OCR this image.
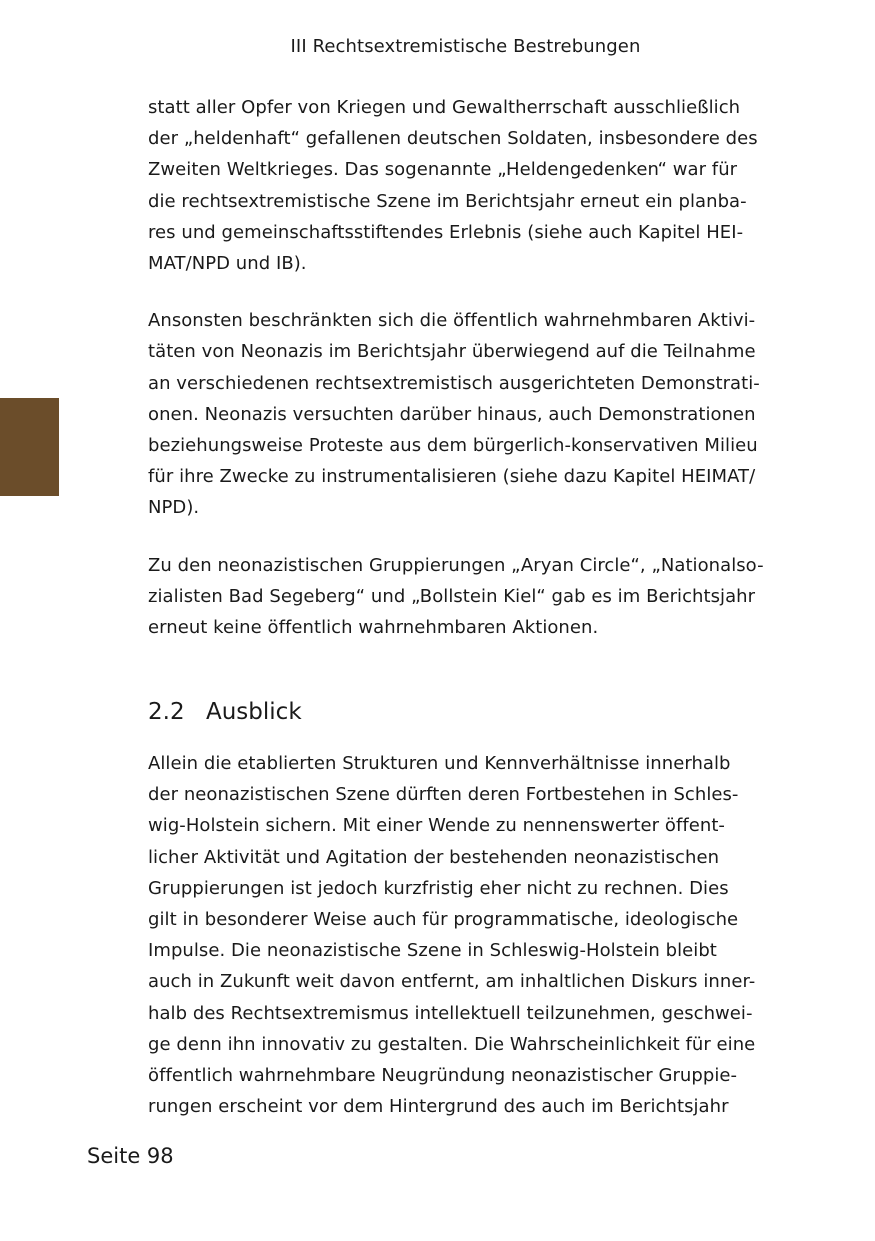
III Rechtsextremistische Bestrebungen

statt aller Opfer von Kriegen und Gewaltherrschaft ausschließlich
der „heldenhaft“ gefallenen deutschen Soldaten, insbesondere des
Zweiten Weltkrieges. Das sogenannte „Heldengedenken“ war für
die rechtsextremistische Szene im Berichtsjahr erneut ein planba-
res und gemeinschaftsstiftendes Erlebnis (siehe auch Kapitel HEI-
MAT/NPD und IB).

Ansonsten beschränkten sich die öffentlich wahrnehmbaren Aktivi-
täten von Neonazis im Berichtsjahr überwiegend auf die Teilnahme
an verschiedenen rechtsextremistisch ausgerichteten Demonstrati-
onen. Neonazis versuchten darüber hinaus, auch Demonstrationen
beziehungsweise Proteste aus dem bürgerlich-konservativen Milieu
für ihre Zwecke zu instrumentalisieren (siehe dazu Kapitel HEIMAT/
NPD).

Zu den neonazistischen Gruppierungen „Aryan Circle“, „Nationalso-
zialisten Bad Segeberg“ und „Bollstein Kiel“ gab es im Berichtsjahr
erneut keine öffentlich wahrnehmbaren Aktionen.

2.2 Ausblick

Allein die etablierten Strukturen und Kennverhältnisse innerhalb
der neonazistischen Szene dürften deren Fortbestehen in Schles-
wig-Holstein sichern. Mit einer Wende zu nennenswerter öffent-
licher Aktivität und Agitation der bestehenden neonazistischen
Gruppierungen ist jedoch kurzfristig eher nicht zu rechnen. Dies
gilt in besonderer Weise auch für programmatische, ideologische
Impulse. Die neonazistische Szene in Schleswig-Holstein bleibt
auch in Zukunft weit davon entfernt, am inhaltlichen Diskurs inner-
halb des Rechtsextremismus intellektuell teilzunehmen, geschwei-
ge denn ihn innovativ zu gestalten. Die Wahrscheinlichkeit für eine
öffentlich wahrnehmbare Neugründung neonazistischer Gruppie-
rungen erscheint vor dem Hintergrund des auch im Berichtsjahr

Seite 98
